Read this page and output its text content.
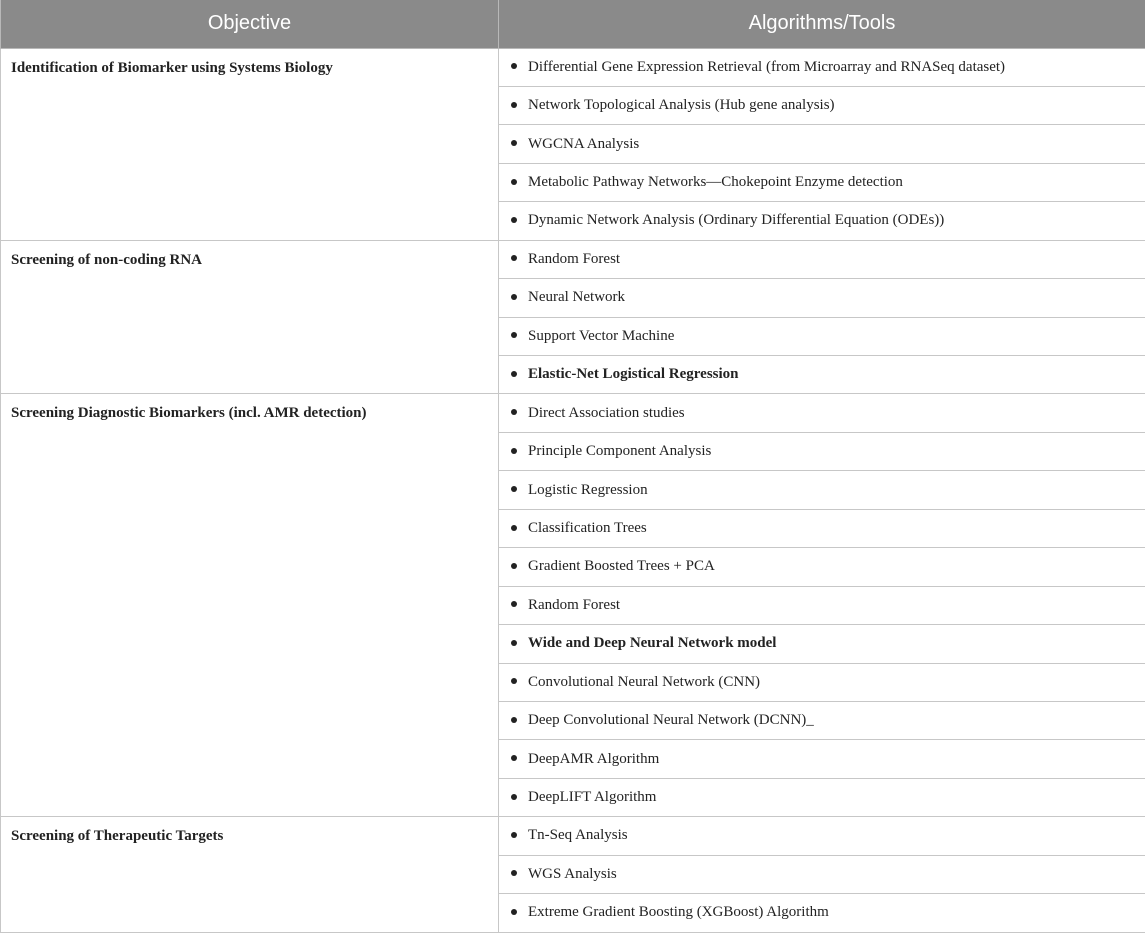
Objective	Algorithms/Tools
Identification of Biomarker using Systems Biology	Differential Gene Expression Retrieval (from Microarray and RNASeq dataset)
	Network Topological Analysis (Hub gene analysis)
	WGCNA Analysis
	Metabolic Pathway Networks—Chokepoint Enzyme detection
	Dynamic Network Analysis (Ordinary Differential Equation (ODEs))
Screening of non-coding RNA	Random Forest
	Neural Network
	Support Vector Machine
	Elastic-Net Logistical Regression
Screening Diagnostic Biomarkers (incl. AMR detection)	Direct Association studies
	Principle Component Analysis
	Logistic Regression
	Classification Trees
	Gradient Boosted Trees + PCA
	Random Forest
	Wide and Deep Neural Network model
	Convolutional Neural Network (CNN)
	Deep Convolutional Neural Network (DCNN)_
	DeepAMR Algorithm
	DeepLIFT Algorithm
Screening of Therapeutic Targets	Tn-Seq Analysis
	WGS Analysis
	Extreme Gradient Boosting (XGBoost) Algorithm
